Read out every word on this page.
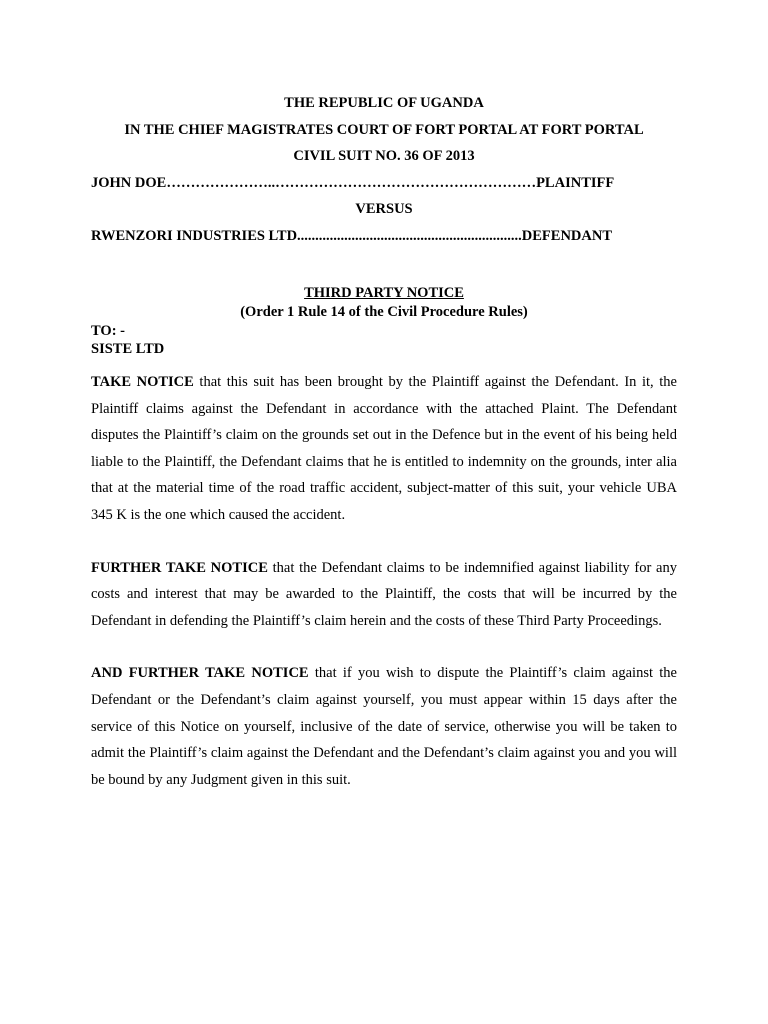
THE REPUBLIC OF UGANDA
IN THE CHIEF MAGISTRATES COURT OF FORT PORTAL AT FORT PORTAL
CIVIL SUIT NO. 36 OF 2013
JOHN DOE…………………..………………………………………………PLAINTIFF
VERSUS
RWENZORI INDUSTRIES LTD..............................................................DEFENDANT
THIRD PARTY NOTICE
(Order 1 Rule 14 of the Civil Procedure Rules)
TO: -
SISTE LTD

TAKE NOTICE that this suit has been brought by the Plaintiff against the Defendant. In it, the Plaintiff claims against the Defendant in accordance with the attached Plaint. The Defendant disputes the Plaintiff’s claim on the grounds set out in the Defence but in the event of his being held liable to the Plaintiff, the Defendant claims that he is entitled to indemnity on the grounds, inter alia that at the material time of the road traffic accident, subject-matter of this suit, your vehicle UBA 345 K is the one which caused the accident.

FURTHER TAKE NOTICE that the Defendant claims to be indemnified against liability for any costs and interest that may be awarded to the Plaintiff, the costs that will be incurred by the Defendant in defending the Plaintiff’s claim herein and the costs of these Third Party Proceedings.

AND FURTHER TAKE NOTICE that if you wish to dispute the Plaintiff’s claim against the Defendant or the Defendant’s claim against yourself, you must appear within 15 days after the service of this Notice on yourself, inclusive of the date of service, otherwise you will be taken to admit the Plaintiff’s claim against the Defendant and the Defendant’s claim against you and you will be bound by any Judgment given in this suit.
